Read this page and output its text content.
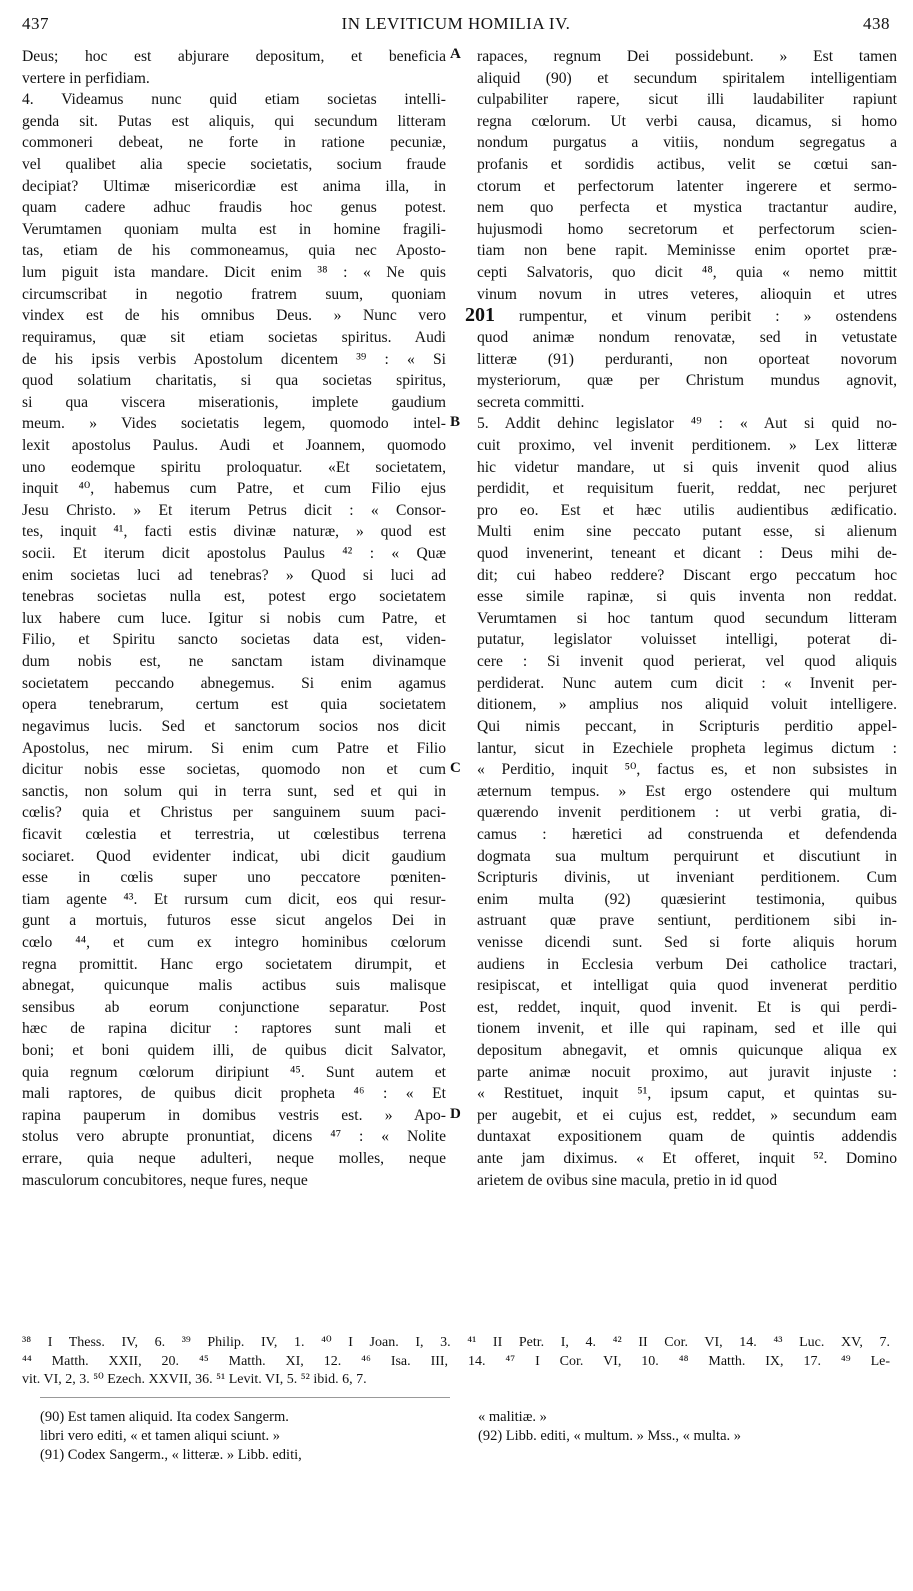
437	IN LEVITICUM HOMILIA IV.	438
Deus; hoc est abjurare depositum, et beneficia
vertere in perfidiam.
4. Videamus nunc quid etiam societas intelli-
genda sit. Putas est aliquis, qui secundum litteram
commoneri debeat, ne forte in ratione pecuniæ,
vel qualibet alia specie societatis, socium fraude
decipiat? Ultimæ misericordiæ est anima illa, in
quam cadere adhuc fraudis hoc genus potest.
Verumtamen quoniam multa est in homine fragili-
tas, etiam de his commoneamus, quia nec Aposto-
lum piguit ista mandare. Dicit enim ³⁸ : « Ne quis
circumscribat in negotio fratrem suum, quoniam
vindex est de his omnibus Deus. » Nunc vero
requiramus, quæ sit etiam societas spiritus. Audi
de his ipsis verbis Apostolum dicentem ³⁹ : « Si
quod solatium charitatis, si qua societas spiritus,
si qua viscera miserationis, implete gaudium
meum. » Vides societatis legem, quomodo intel-
lexit apostolus Paulus. Audi et Joannem, quomodo
uno eodemque spiritu proloquatur. «Et societatem,
inquit ⁴⁰, habemus cum Patre, et cum Filio ejus
Jesu Christo. » Et iterum Petrus dicit : « Consor-
tes, inquit ⁴¹, facti estis divinæ naturæ, » quod est
socii. Et iterum dicit apostolus Paulus ⁴² : « Quæ
enim societas luci ad tenebras? » Quod si luci ad
tenebras societas nulla est, potest ergo societatem
lux habere cum luce. Igitur si nobis cum Patre, et
Filio, et Spiritu sancto societas data est, viden-
dum nobis est, ne sanctam istam divinamque
societatem peccando abnegemus. Si enim agamus
opera tenebrarum, certum est quia societatem
negavimus lucis. Sed et sanctorum socios nos dicit
Apostolus, nec mirum. Si enim cum Patre et Filio
dicitur nobis esse societas, quomodo non et cum
sanctis, non solum qui in terra sunt, sed et qui in
cœlis? quia et Christus per sanguinem suum paci-
ficavit cœlestia et terrestria, ut cœlestibus terrena
sociaret. Quod evidenter indicat, ubi dicit gaudium
esse in cœlis super uno peccatore pœniten-
tiam agente ⁴³. Et rursum cum dicit, eos qui resur-
gunt a mortuis, futuros esse sicut angelos Dei in
cœlo ⁴⁴, et cum ex integro hominibus cœlorum
regna promittit. Hanc ergo societatem dirumpit, et
abnegat, quicunque malis actibus suis malisque
sensibus ab eorum conjunctione separatur. Post
hæc de rapina dicitur : raptores sunt mali et
boni; et boni quidem illi, de quibus dicit Salvator,
quia regnum cœlorum diripiunt ⁴⁵. Sunt autem et
mali raptores, de quibus dicit propheta ⁴⁶ : « Et
rapina pauperum in domibus vestris est. » Apo-
stolus vero abrupte pronuntiat, dicens ⁴⁷ : « Nolite
errare, quia neque adulteri, neque molles, neque
masculorum concubitores, neque fures, neque
rapaces, regnum Dei possidebunt. » Est tamen
aliquid (90) et secundum spiritalem intelligentiam
culpabiliter rapere, sicut illi laudabiliter rapiunt
regna cœlorum. Ut verbi causa, dicamus, si homo
nondum purgatus a vitiis, nondum segregatus a
profanis et sordidis actibus, velit se cœtui san-
ctorum et perfectorum latenter ingerere et sermo-
nem quo perfecta et mystica tractantur audire,
hujusmodi homo secretorum et perfectorum scien-
tiam non bene rapit. Meminisse enim oportet præ-
cepti Salvatoris, quo dicit ⁴⁸, quia « nemo mittit
vinum novum in utres veteres, alioquin et utres
201 rumpentur, et vinum peribit : » ostendens
quod animæ nondum renovatæ, sed in vetustate
litteræ (91) perduranti, non oporteat novorum
mysteriorum, quæ per Christum mundus agnovit,
secreta committi.
5. Addit dehinc legislator ⁴⁹ : « Aut si quid no-
cuit proximo, vel invenit perditionem. » Lex litteræ
hic videtur mandare, ut si quis invenit quod alius
perdidit, et requisitum fuerit, reddat, nec perjuret
pro eo. Est et hæc utilis audientibus ædificatio.
Multi enim sine peccato putant esse, si alienum
quod invenerint, teneant et dicant : Deus mihi de-
dit; cui habeo reddere? Discant ergo peccatum hoc
esse simile rapinæ, si quis inventa non reddat.
Verumtamen si hoc tantum quod secundum litteram
putatur, legislator voluisset intelligi, poterat di-
cere : Si invenit quod perierat, vel quod aliquis
perdiderat. Nunc autem cum dicit : « Invenit per-
ditionem, » amplius nos aliquid voluit intelligere.
Qui nimis peccant, in Scripturis perditio appel-
lantur, sicut in Ezechiele propheta legimus dictum :
« Perditio, inquit ⁵⁰, factus es, et non subsistes in
æternum tempus. » Est ergo ostendere qui multum
quærendo invenit perditionem : ut verbi gratia, di-
camus : hæretici ad construenda et defendenda
dogmata sua multum perquirunt et discutiunt in
Scripturis divinis, ut inveniant perditionem. Cum
enim multa (92) quæsierint testimonia, quibus
astruant quæ prave sentiunt, perditionem sibi in-
venisse dicendi sunt. Sed si forte aliquis horum
audiens in Ecclesia verbum Dei catholice tractari,
resipiscat, et intelligat quia quod invenerat perditio
est, reddet, inquit, quod invenit. Et is qui perdi-
tionem invenit, et ille qui rapinam, sed et ille qui
depositum abnegavit, et omnis quicunque aliqua ex
parte animæ nocuit proximo, aut juravit injuste :
« Restituet, inquit ⁵¹, ipsum caput, et quintas su-
per augebit, et ei cujus est, reddet, » secundum eam
duntaxat expositionem quam de quintis addendis
ante jam diximus. « Et offeret, inquit ⁵². Domino
arietem de ovibus sine macula, pretio in id quod
A
B
C
D
³⁸ I Thess. IV, 6. ³⁹ Philip. IV, 1. ⁴⁰ I Joan. I, 3. ⁴¹ II Petr. I, 4. ⁴² II Cor. VI, 14. ⁴³ Luc. XV, 7.
⁴⁴ Matth. XXII, 20. ⁴⁵ Matth. XI, 12. ⁴⁶ Isa. III, 14. ⁴⁷ I Cor. VI, 10. ⁴⁸ Matth. IX, 17. ⁴⁹ Le-
vit. VI, 2, 3. ⁵⁰ Ezech. XXVII, 36. ⁵¹ Levit. VI, 5. ⁵² ibid. 6, 7.
(90) Est tamen aliquid. Ita codex Sangerm.
libri vero editi, « et tamen aliqui sciunt. »
(91) Codex Sangerm., « litteræ. » Libb. editi,
« malitiæ. »
(92) Libb. editi, « multum. » Mss., « multa. »
